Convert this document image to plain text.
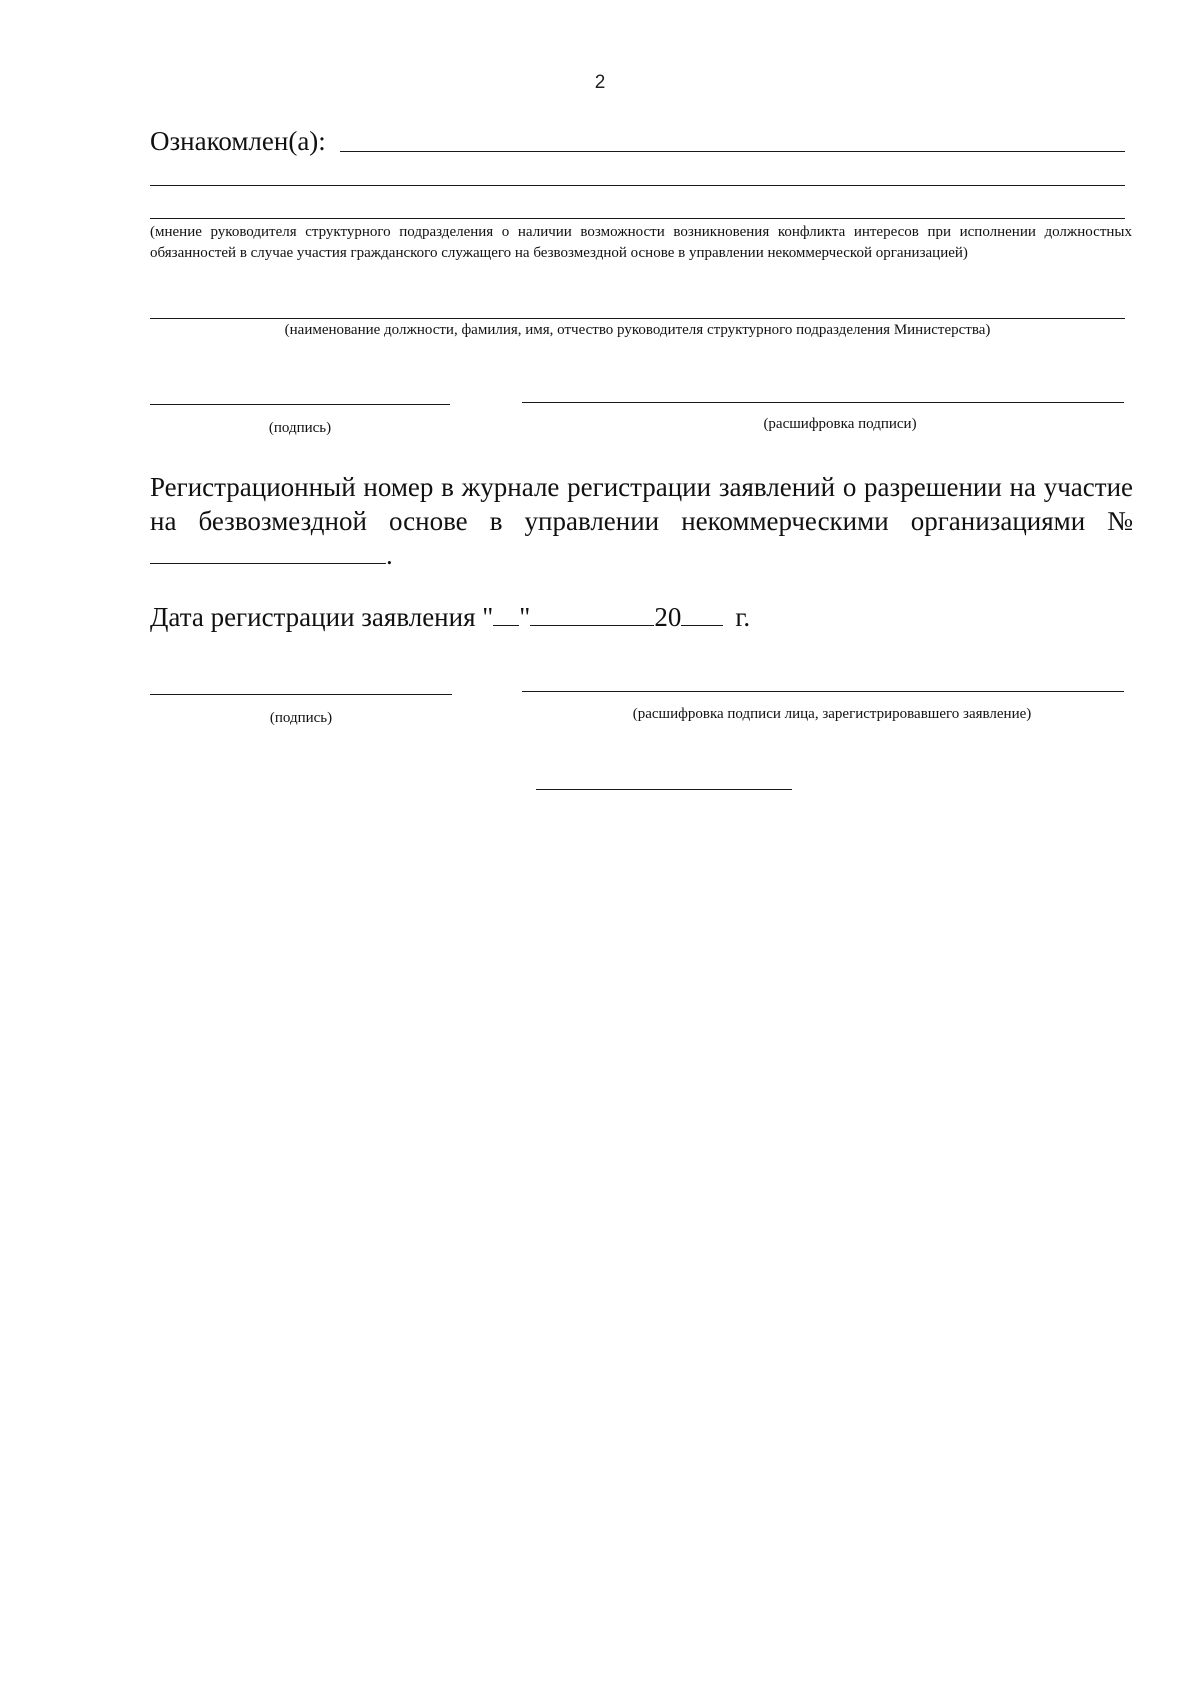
2
Ознакомлен(а):
(мнение руководителя структурного подразделения о наличии возможности возникновения конфликта интересов при исполнении должностных обязанностей в случае участия гражданского служащего на безвозмездной основе в управлении некоммерческой организацией)
(наименование должности, фамилия, имя, отчество руководителя структурного подразделения Министерства)
(подпись)	(расшифровка подписи)
Регистрационный номер в журнале регистрации заявлений о разрешении на участие на безвозмездной основе в управлении некоммерческими организациями № .
Дата регистрации заявления " "	20 г.
(подпись)	(расшифровка подписи лица, зарегистрировавшего заявление)
